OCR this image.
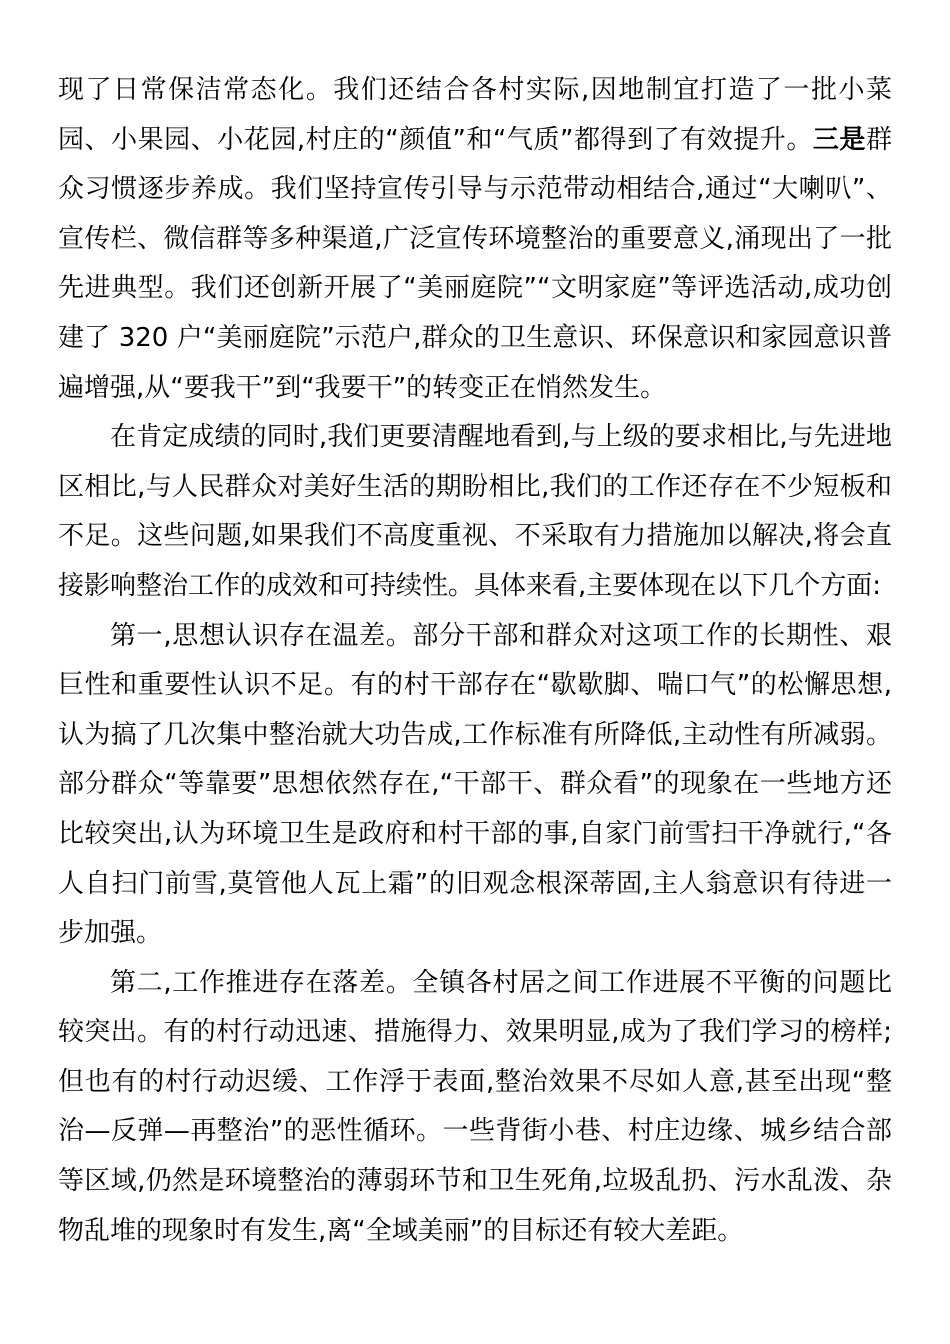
现了日常保洁常态化。我们还结合各村实际,因地制宜打造了一批小菜园、小果园、小花园,村庄的“颜值”和“气质”都得到了有效提升。三是群众习惯逐步养成。我们坚持宣传引导与示范带动相结合,通过“大喇叭”、宣传栏、微信群等多种渠道,广泛宣传环境整治的重要意义,涌现出了一批先进典型。我们还创新开展了“美丽庭院”“文明家庭”等评选活动,成功创建了 320 户“美丽庭院”示范户,群众的卫生意识、环保意识和家园意识普遍增强,从“要我干”到“我要干”的转变正在悄然发生。

在肯定成绩的同时,我们更要清醒地看到,与上级的要求相比,与先进地区相比,与人民群众对美好生活的期盼相比,我们的工作还存在不少短板和不足。这些问题,如果我们不高度重视、不采取有力措施加以解决,将会直接影响整治工作的成效和可持续性。具体来看,主要体现在以下几个方面:

第一,思想认识存在温差。部分干部和群众对这项工作的长期性、艰巨性和重要性认识不足。有的村干部存在“歇歇脚、喘口气”的松懈思想,认为搞了几次集中整治就大功告成,工作标准有所降低,主动性有所减弱。部分群众“等靠要”思想依然存在,“干部干、群众看”的现象在一些地方还比较突出,认为环境卫生是政府和村干部的事,自家门前雪扫干净就行,“各人自扫门前雪,莫管他人瓦上霜”的旧观念根深蒂固,主人翁意识有待进一步加强。

第二,工作推进存在落差。全镇各村居之间工作进展不平衡的问题比较突出。有的村行动迅速、措施得力、效果明显,成为了我们学习的榜样;但也有的村行动迟缓、工作浮于表面,整治效果不尽如人意,甚至出现“整治—反弹—再整治”的恶性循环。一些背街小巷、村庄边缘、城乡结合部等区域,仍然是环境整治的薄弱环节和卫生死角,垃圾乱扔、污水乱泼、杂物乱堆的现象时有发生,离“全域美丽”的目标还有较大差距。
